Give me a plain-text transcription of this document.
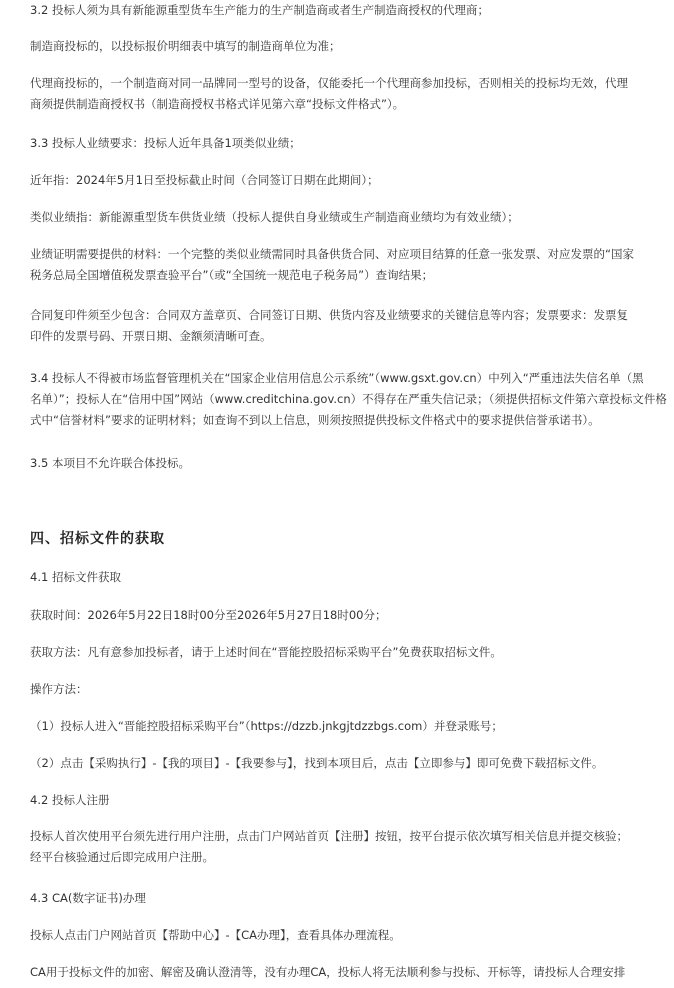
3.2 投标人须为具有新能源重型货车生产能力的生产制造商或者生产制造商授权的代理商；
制造商投标的，以投标报价明细表中填写的制造商单位为准；
代理商投标的，一个制造商对同一品牌同一型号的设备，仅能委托一个代理商参加投标，否则相关的投标均无效，代理
商须提供制造商授权书（制造商授权书格式详见第六章“投标文件格式”）。
3.3 投标人业绩要求：投标人近年具备1项类似业绩；
近年指：2024年5月1日至投标截止时间（合同签订日期在此期间）；
类似业绩指：新能源重型货车供货业绩（投标人提供自身业绩或生产制造商业绩均为有效业绩）；
业绩证明需要提供的材料：一个完整的类似业绩需同时具备供货合同、对应项目结算的任意一张发票、对应发票的“国家
税务总局全国增值税发票查验平台”（或“全国统一规范电子税务局”）查询结果；
合同复印件须至少包含：合同双方盖章页、合同签订日期、供货内容及业绩要求的关键信息等内容；发票要求：发票复
印件的发票号码、开票日期、金额须清晰可查。
3.4 投标人不得被市场监督管理机关在“国家企业信用信息公示系统”（www.gsxt.gov.cn）中列入“严重违法失信名单（黑
名单）”；投标人在“信用中国”网站（www.creditchina.gov.cn）不得存在严重失信记录；（须提供招标文件第六章投标文件格
式中“信誉材料”要求的证明材料；如查询不到以上信息，则须按照提供投标文件格式中的要求提供信誉承诺书）。
3.5 本项目不允许联合体投标。
四、招标文件的获取
4.1 招标文件获取
获取时间：2026年5月22日18时00分至2026年5月27日18时00分；
获取方法：凡有意参加投标者，请于上述时间在“晋能控股招标采购平台”免费获取招标文件。
操作方法：
（1）投标人进入“晋能控股招标采购平台”（https://dzzb.jnkgjtdzzbgs.com）并登录账号；
（2）点击【采购执行】-【我的项目】-【我要参与】，找到本项目后，点击【立即参与】即可免费下载招标文件。
4.2 投标人注册
投标人首次使用平台须先进行用户注册，点击门户网站首页【注册】按钮，按平台提示依次填写相关信息并提交核验；
经平台核验通过后即完成用户注册。
4.3 CA(数字证书)办理
投标人点击门户网站首页【帮助中心】-【CA办理】，查看具体办理流程。
CA用于投标文件的加密、解密及确认澄清等，没有办理CA，投标人将无法顺利参与投标、开标等，请投标人合理安排
